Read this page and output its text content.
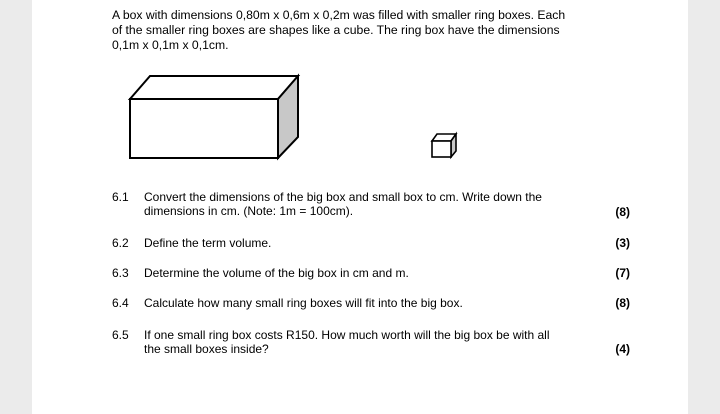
A box with dimensions 0,80m x 0,6m x 0,2m was filled with smaller ring boxes. Each

of the smaller ring boxes are shapes like a cube. The ring box have the dimensions

0,1m x 0,1m x 0,1cm.

6.1 Convert the dimensions of the big box and small box to cm. Write down the
dimensions in cm. (Note: 1m = 100cm).	(8)
6.2 Define the term volume.	(3)
6.3 Determine the volume of the big box in cm and m.	(7)
6.4 Calculate how many small ring boxes will fit into the big box.	(8)
6.5 If one small ring box costs R150. How much worth will the big box be with all
the small boxes inside?	(4)
